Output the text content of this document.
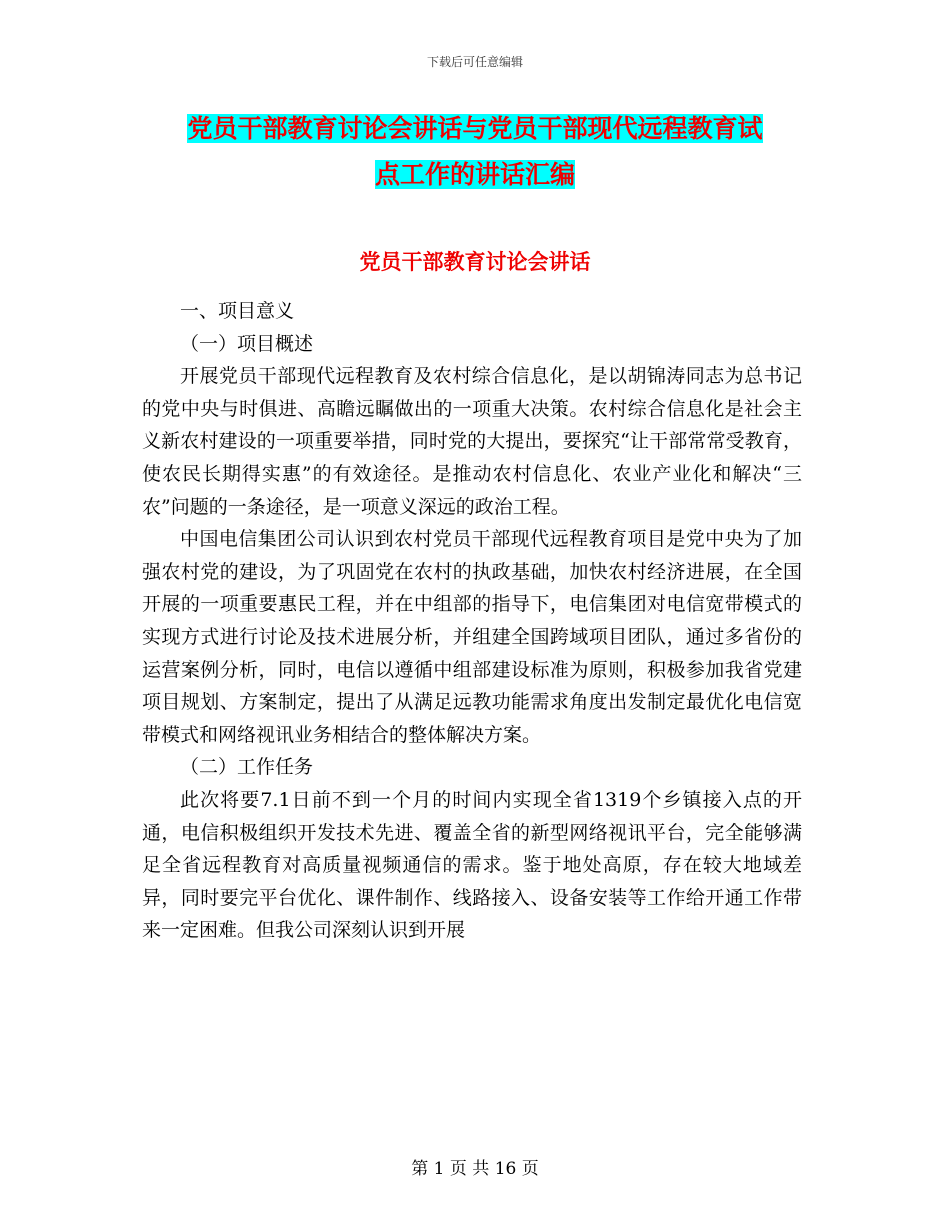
下载后可任意编辑
党员干部教育讨论会讲话与党员干部现代远程教育试
点工作的讲话汇编
党员干部教育讨论会讲话

一、项目意义

（一）项目概述

开展党员干部现代远程教育及农村综合信息化，是以胡锦涛同志为总书记的党中央与时俱进、高瞻远瞩做出的一项重大决策。农村综合信息化是社会主义新农村建设的一项重要举措，同时党的大提出，要探究“让干部常常受教育，使农民长期得实惠”的有效途径。是推动农村信息化、农业产业化和解决“三农”问题的一条途径，是一项意义深远的政治工程。

中国电信集团公司认识到农村党员干部现代远程教育项目是党中央为了加强农村党的建设，为了巩固党在农村的执政基础，加快农村经济进展，在全国开展的一项重要惠民工程，并在中组部的指导下，电信集团对电信宽带模式的实现方式进行讨论及技术进展分析，并组建全国跨域项目团队，通过多省份的运营案例分析，同时，电信以遵循中组部建设标准为原则，积极参加我省党建项目规划、方案制定，提出了从满足远教功能需求角度出发制定最优化电信宽带模式和网络视讯业务相结合的整体解决方案。

（二）工作任务

此次将要7.1日前不到一个月的时间内实现全省1319个乡镇接入点的开通，电信积极组织开发技术先进、覆盖全省的新型网络视讯平台，完全能够满足全省远程教育对高质量视频通信的需求。鉴于地处高原，存在较大地域差异，同时要完平台优化、课件制作、线路接入、设备安装等工作给开通工作带来一定困难。但我公司深刻认识到开展

第 1 页 共 16 页
